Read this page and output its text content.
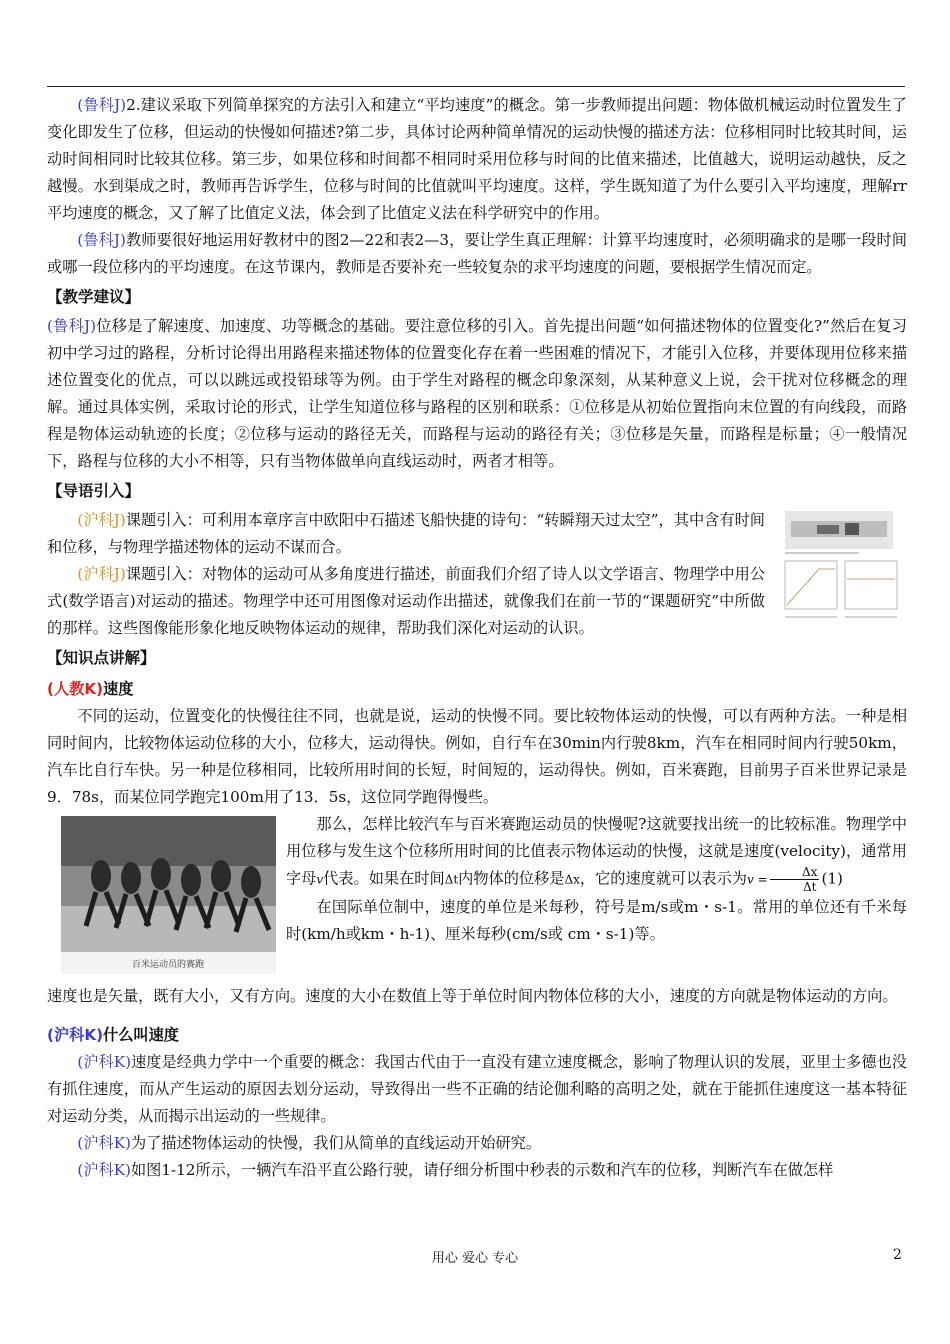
(鲁科J)2.建议采取下列简单探究的方法引入和建立“平均速度”的概念。第一步教师提出问题：物体做机械运动时位置发生了变化即发生了位移，但运动的快慢如何描述?第二步，具体讨论两种简单情况的运动快慢的描述方法：位移相同时比较其时间，运动时间相同时比较其位移。第三步，如果位移和时间都不相同时采用位移与时间的比值来描述，比值越大，说明运动越快，反之越慢。水到渠成之时，教师再告诉学生，位移与时间的比值就叫平均速度。这样，学生既知道了为什么要引入平均速度，理解rr平均速度的概念，又了解了比值定义法，体会到了比值定义法在科学研究中的作用。

(鲁科J)教师要很好地运用好教材中的图2—22和表2—3，要让学生真正理解：计算平均速度时，必须明确求的是哪一段时间或哪一段位移内的平均速度。在这节课内，教师是否要补充一些较复杂的求平均速度的问题，要根据学生情况而定。

【教学建议】

(鲁科J)位移是了解速度、加速度、功等概念的基础。要注意位移的引入。首先提出问题“如何描述物体的位置变化?”然后在复习初中学习过的路程，分析讨论得出用路程来描述物体的位置变化存在着一些困难的情况下，才能引入位移，并要体现用位移来描述位置变化的优点，可以以跳远或投铅球等为例。由于学生对路程的概念印象深刻，从某种意义上说，会干扰对位移概念的理解。通过具体实例，采取讨论的形式，让学生知道位移与路程的区别和联系：①位移是从初始位置指向末位置的有向线段，而路程是物体运动轨迹的长度；②位移与运动的路径无关，而路程与运动的路径有关；③位移是矢量，而路程是标量；④一般情况下，路程与位移的大小不相等，只有当物体做单向直线运动时，两者才相等。

【导语引入】

(沪科J)课题引入：可利用本章序言中欧阳中石描述飞船快捷的诗句：“转瞬翔天过太空”，其中含有时间和位移，与物理学描述物体的运动不谋而合。

(沪科J)课题引入：对物体的运动可从多角度进行描述，前面我们介绍了诗人以文学语言、物理学中用公式(数学语言)对运动的描述。物理学中还可用图像对运动作出描述，就像我们在前一节的“课题研究”中所做的那样。这些图像能形象化地反映物体运动的规律，帮助我们深化对运动的认识。

【知识点讲解】

(人教K)速度

不同的运动，位置变化的快慢往往不同，也就是说，运动的快慢不同。要比较物体运动的快慢，可以有两种方法。一种是相同时间内，比较物体运动位移的大小，位移大，运动得快。例如，自行车在30min内行驶8km，汽车在相同时间内行驶50km，汽车比自行车快。另一种是位移相同，比较所用时间的长短，时间短的，运动得快。例如，百米赛跑，目前男子百米世界记录是9．78s，而某位同学跑完100m用了13．5s，这位同学跑得慢些。

百米运动员的赛跑

那么，怎样比较汽车与百米赛跑运动员的快慢呢?这就要找出统一的比较标准。物理学中用位移与发生这个位移所用时间的比值表示物体运动的快慢，这就是速度(velocity)，通常用字母v代表。如果在时间Δt内物体的位移是Δx，它的速度就可以表示为$v = \frac{\Delta x}{\Delta t} (1)$

在国际单位制中，速度的单位是米每秒，符号是m/s或m・s-1。常用的单位还有千米每时(km/h或km・h-1)、厘米每秒(cm/s或 cm・s-1)等。

速度也是矢量，既有大小，又有方向。速度的大小在数值上等于单位时间内物体位移的大小，速度的方向就是物体运动的方向。

(沪科K)什么叫速度

(沪科K)速度是经典力学中一个重要的概念：我国古代由于一直没有建立速度概念，影响了物理认识的发展，亚里士多德也没有抓住速度，而从产生运动的原因去划分运动，导致得出一些不正确的结论伽利略的高明之处，就在于能抓住速度这一基本特征对运动分类，从而揭示出运动的一些规律。

(沪科K)为了描述物体运动的快慢，我们从简单的直线运动开始研究。

(沪科K)如图1-12所示，一辆汽车沿平直公路行驶，请仔细分析围中秒表的示数和汽车的位移，判断汽车在做怎样

用心 爱心 专心	2
